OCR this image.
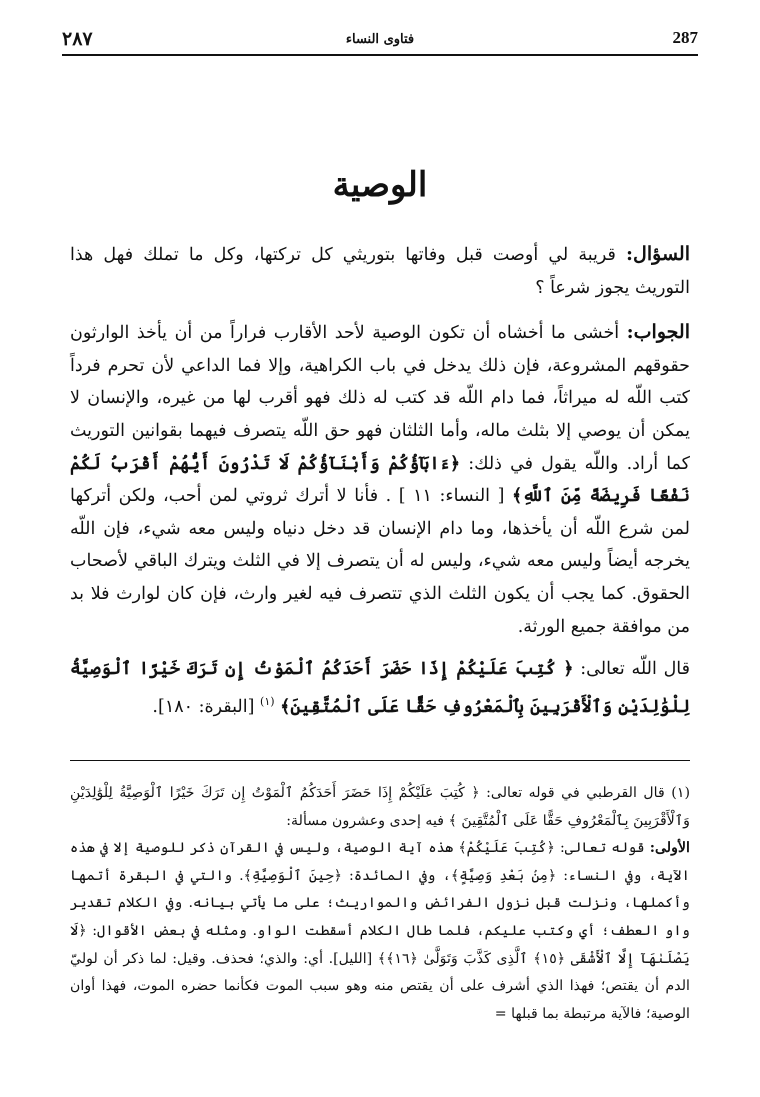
٢٨٧	فتاوى النساء	287
الوصية

السؤال: قريبة لي أوصت قبل وفاتها بتوريثي كل تركتها، وكل ما تملك فهل هذا التوريث يجوز شرعاً ؟

الجواب: أخشى ما أخشاه أن تكون الوصية لأحد الأقارب فراراً من أن يأخذ الوارثون حقوقهم المشروعة، فإن ذلك يدخل في باب الكراهية، وإلا فما الداعي لأن تحرم فرداً كتب اللّه له ميراثاً، فما دام اللّه قد كتب له ذلك فهو أقرب لها من غيره، والإنسان لا يمكن أن يوصي إلا بثلث ماله، وأما الثلثان فهو حق اللّه يتصرف فيهما بقوانين التوريث كما أراد. واللّه يقول في ذلك: ﴿ءَابَآؤُكُمْ وَأَبْنَآؤُكُمْ لَا تَدْرُونَ أَيُّهُمْ أَقْرَبُ لَكُمْ نَفْعًا فَرِيضَةً مِّنَ ٱللَّهِ﴾ [ النساء: ١١ ] . فأنا لا أترك ثروتي لمن أحب، ولكن أتركها لمن شرع اللّه أن يأخذها، وما دام الإنسان قد دخل دنياه وليس معه شيء، فإن اللّه يخرجه أيضاً وليس معه شيء، وليس له أن يتصرف إلا في الثلث ويترك الباقي لأصحاب الحقوق. كما يجب أن يكون الثلث الذي تتصرف فيه لغير وارث، فإن كان لوارث فلا بد من موافقة جميع الورثة.

قال اللّه تعالى: ﴿ كُتِبَ عَلَيْكُمْ إِذَا حَضَرَ أَحَدَكُمُ ٱلْمَوْتُ إِن تَرَكَ خَيْرًا ٱلْوَصِيَّةُ لِلْوَٰلِدَيْنِ وَٱلْأَقْرَبِينَ بِٱلْمَعْرُوفِ حَقًّا عَلَى ٱلْمُتَّقِينَ﴾ $^{(١)}$ [البقرة: ١٨٠].

(١) قال القرطبي في قوله تعالى: ﴿ كُتِبَ عَلَيْكُمْ إِذَا حَضَرَ أَحَدَكُمُ ٱلْمَوْتُ إِن تَرَكَ خَيْرًا ٱلْوَصِيَّةُ لِلْوَٰلِدَيْنِ وَٱلْأَقْرَبِينَ بِٱلْمَعْرُوفِ حَقًّا عَلَى ٱلْمُتَّقِينَ ﴾ فيه إحدى وعشرون مسألة:

الأولى: قوله تعالى: ﴿كُتِبَ عَلَيْكُمْ﴾ هذه آية الوصية، وليس في القرآن ذكر للوصية إلا في هذه الآية، وفي النساء: ﴿مِنۢ بَعْدِ وَصِيَّةٍ﴾، وفي المائدة: ﴿حِينَ ٱلْوَصِيَّةِ﴾. والتي في البقرة أتمها وأكملها، ونزلت قبل نزول الفرائض والمواريث؛ على ما يأتي بيانه. وفي الكلام تقدير واو العطف؛ أي وكتب عليكم، فلما طال الكلام أسقطت الواو. ومثله في بعض الأقوال: ﴿لَا يَصْلَىٰهَآ إِلَّا ٱلْأَشْقَى ﴿١٥﴾ ٱلَّذِى كَذَّبَ وَتَوَلَّىٰ ﴿١٦﴾﴾ [الليل]. أي: والذي؛ فحذف. وقيل: لما ذكر أن لوليّ الدم أن يقتص؛ فهذا الذي أشرف على أن يقتص منه وهو سبب الموت فكأنما حضره الموت، فهذا أوان الوصية؛ فالآية مرتبطة بما قبلها =
